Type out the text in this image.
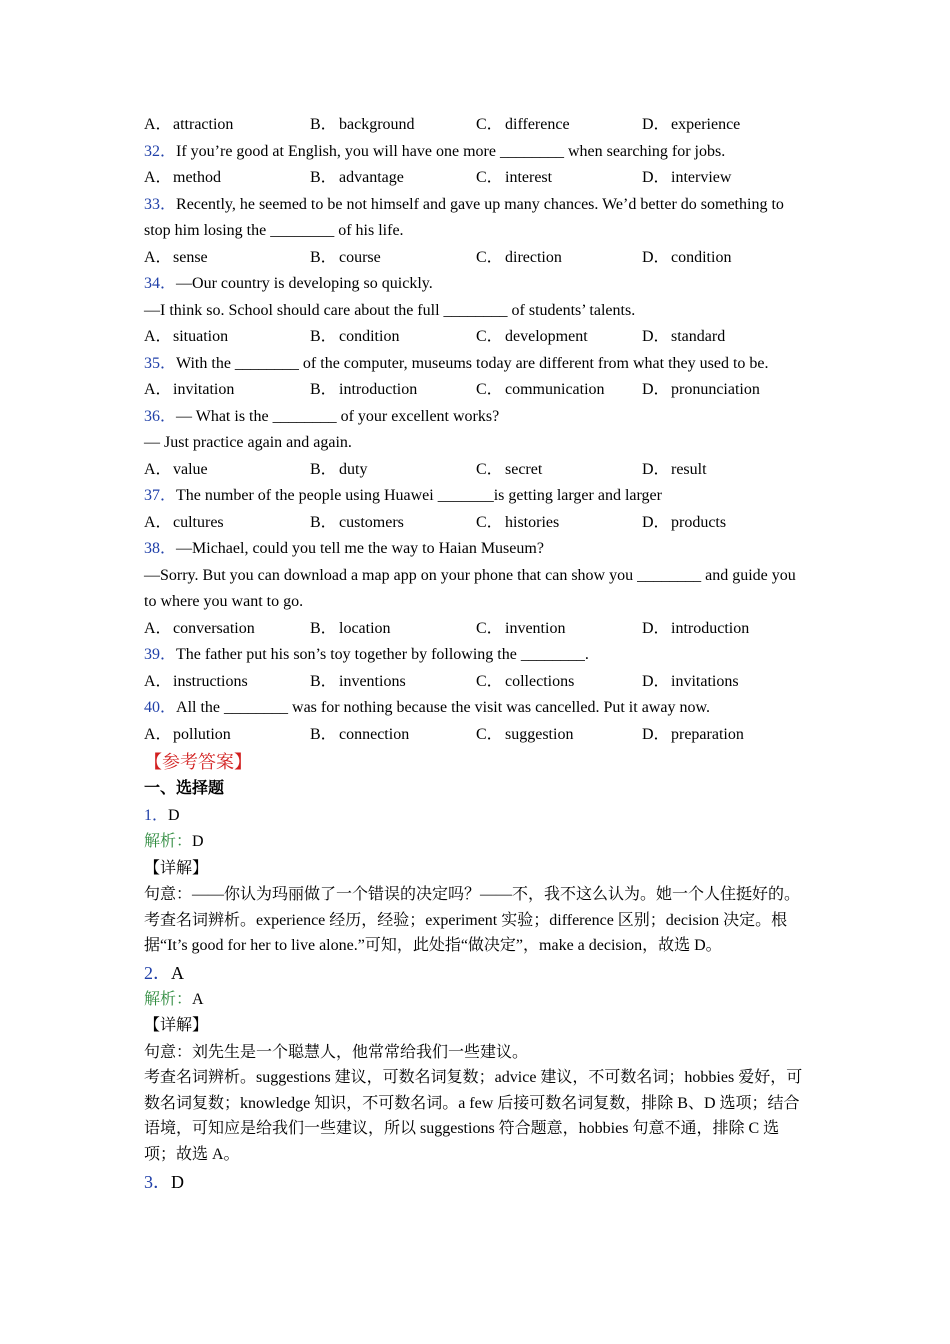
A．attraction	B． background	C． difference	D．experience
32．If you’re good at English, you will have one more ________ when searching for jobs.
A．method	B． advantage	C． interest	D．interview
33．Recently, he seemed to be not himself and gave up many chances. We’d better do something to stop him losing the ________ of his life.
A．sense	B． course	C． direction	D．condition
34．—Our country is developing so quickly.
—I think so. School should care about the full ________ of students’ talents.
A．situation	B． condition	C． development	D．standard
35．With the ________ of the computer, museums today are different from what they used to be.
A．invitation	B． introduction	C． communication	D．pronunciation
36．— What is the ________ of your excellent works?
— Just practice again and again.
A．value	B． duty	C． secret	D．result
37．The number of the people using Huawei _______is getting larger and larger
A．cultures	B． customers	C． histories	D．products
38．—Michael, could you tell me the way to Haian Museum?
—Sorry. But you can download a map app on your phone that can show you ________ and guide you to where you want to go.
A．conversation	B． location	C． invention	D．introduction
39．The father put his son’s toy together by following the ________.
A．instructions	B． inventions	C． collections	D．invitations
40．All the ________ was for nothing because the visit was cancelled. Put it away now.
A．pollution	B． connection	C． suggestion	D．preparation
【参考答案】
一、选择题
1．D
解析：D
【详解】
句意：——你认为玛丽做了一个错误的决定吗？——不，我不这么认为。她一个人住挺好的。
考查名词辨析。experience 经历，经验；experiment 实验；difference 区别；decision 决定。根据“It’s good for her to live alone.”可知，此处指“做决定”，make a decision，故选 D。
2．A
解析：A
【详解】
句意：刘先生是一个聪慧人，他常常给我们一些建议。
考查名词辨析。suggestions 建议，可数名词复数；advice 建议，不可数名词；hobbies 爱好，可数名词复数；knowledge 知识，不可数名词。a few 后接可数名词复数，排除 B、D 选项；结合语境，可知应是给我们一些建议，所以 suggestions 符合题意，hobbies 句意不通，排除 C 选项；故选 A。
3．D
